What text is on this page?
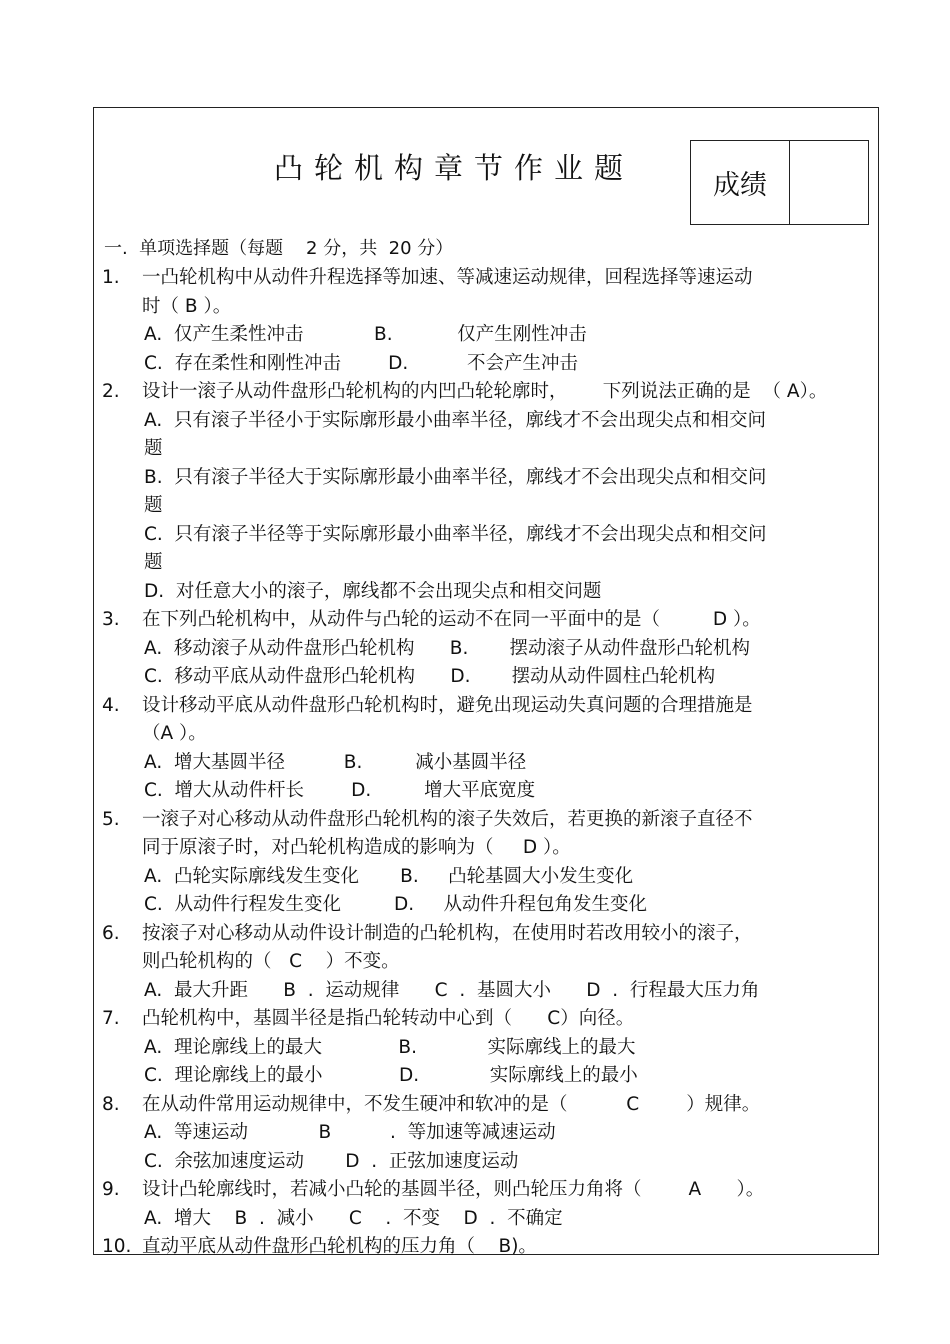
凸轮机构章节作业题
成绩
一.  单项选择题（每题    2 分，共  20 分）
1.	一凸轮机构中从动件升程选择等加速、等减速运动规律，回程选择等速运动
时（ B ）。
A.  仅产生柔性冲击            B.           仅产生刚性冲击
C.  存在柔性和刚性冲击        D.          不会产生冲击
2.	设计一滚子从动件盘形凸轮机构的内凹凸轮轮廓时，      下列说法正确的是  （ A）。
A.  只有滚子半径小于实际廓形最小曲率半径，廓线才不会出现尖点和相交问
题
B.  只有滚子半径大于实际廓形最小曲率半径，廓线才不会出现尖点和相交问
题
C.  只有滚子半径等于实际廓形最小曲率半径，廓线才不会出现尖点和相交问
题
D.  对任意大小的滚子，廓线都不会出现尖点和相交问题
3.	在下列凸轮机构中，从动件与凸轮的运动不在同一平面中的是（         D ）。
A.  移动滚子从动件盘形凸轮机构      B.       摆动滚子从动件盘形凸轮机构
C.  移动平底从动件盘形凸轮机构      D.       摆动从动件圆柱凸轮机构
4.	设计移动平底从动件盘形凸轮机构时，避免出现运动失真问题的合理措施是
（A ）。
A.  增大基圆半径          B.         减小基圆半径
C.  增大从动件杆长        D.         增大平底宽度
5.	一滚子对心移动从动件盘形凸轮机构的滚子失效后，若更换的新滚子直径不
同于原滚子时，对凸轮机构造成的影响为（     D ）。
A.  凸轮实际廓线发生变化       B.     凸轮基圆大小发生变化
C.  从动件行程发生变化         D.     从动件升程包角发生变化
6.	按滚子对心移动从动件设计制造的凸轮机构，在使用时若改用较小的滚子，
则凸轮机构的（   C    ）不变。
A.  最大升距      B  .  运动规律      C  .  基圆大小      D  .  行程最大压力角
7.	凸轮机构中，基圆半径是指凸轮转动中心到（      C）向径。
A.  理论廓线上的最大             B.            实际廓线上的最大
C.  理论廓线上的最小             D.            实际廓线上的最小
8.	在从动件常用运动规律中，不发生硬冲和软冲的是（          C        ）规律。
A.  等速运动            B          .  等加速等减速运动
C.  余弦加速度运动       D  .  正弦加速度运动
9.	设计凸轮廓线时，若减小凸轮的基圆半径，则凸轮压力角将（        A      ）。
A.  增大    B  .  减小      C    .  不变    D  .  不确定
10. 直动平底从动件盘形凸轮机构的压力角（    B)。
